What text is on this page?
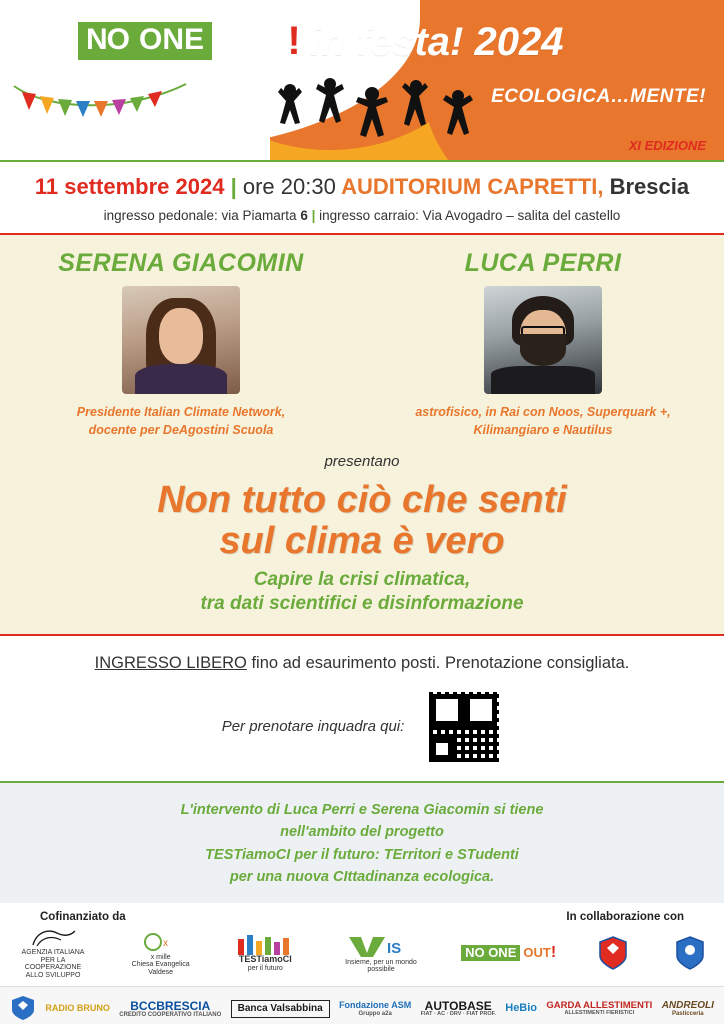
NO ONE OUT ! in festa! 2024
ECOLOGICA…MENTE!
XI EDIZIONE
11 settembre 2024 | ore 20:30 AUDITORIUM CAPRETTI, Brescia
ingresso pedonale: via Piamarta 6 | ingresso carraio: Via Avogadro – salita del castello
SERENA GIACOMIN
Presidente Italian Climate Network,
docente per DeAgostini Scuola
LUCA PERRI
astrofisico, in Rai con Noos, Superquark +,
Kilimangiaro e Nautilus
presentano
Non tutto ciò che senti
sul clima è vero
Capire la crisi climatica,
tra dati scientifici e disinformazione
INGRESSO LIBERO fino ad esaurimento posti. Prenotazione consigliata.
Per prenotare inquadra qui:
L'intervento di Luca Perri e Serena Giacomin si tiene
nell'ambito del progetto
TESTiamoCI per il futuro: TErritori e STudenti
per una nuova CIttadinanza ecologica.
Cofinanziato da	In collaborazione con
AGENZIA ITALIANA
PER LA COOPERAZIONE
ALLO SVILUPPO
x
x mille
Chiesa Evangelica Valdese
TESTiamoCI
per il futuro
IS
Insieme, per un mondo possibile
NO ONE OUT !
RADIO BRUNO	BCCBRESCIA
CREDITO COOPERATIVO ITALIANO
Banca Valsabbina	Fondazione ASM
Gruppo a2a
AUTOBASE
FIAT · AC · DRV · FIAT PROF.
HeBio GARDA ALLESTIMENTI
ALLESTIMENTI FIERISTICI
ANDREOLI
Pasticceria
